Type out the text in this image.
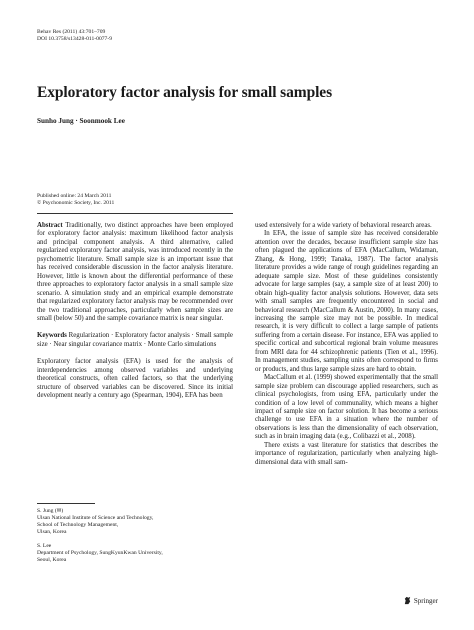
Behav Res (2011) 43:701–709
DOI 10.3758/s13428-011-0077-9
Exploratory factor analysis for small samples
Sunho Jung · Soonmook Lee
Published online: 24 March 2011
© Psychonomic Society, Inc. 2011

Abstract Traditionally, two distinct approaches have been employed for exploratory factor analysis: maximum likelihood factor analysis and principal component analysis. A third alternative, called regularized exploratory factor analysis, was introduced recently in the psychometric literature. Small sample size is an important issue that has received considerable discussion in the factor analysis literature. However, little is known about the differential performance of these three approaches to exploratory factor analysis in a small sample size scenario. A simulation study and an empirical example demonstrate that regularized exploratory factor analysis may be recommended over the two traditional approaches, particularly when sample sizes are small (below 50) and the sample covariance matrix is near singular.

Keywords Regularization · Exploratory factor analysis · Small sample size · Near singular covariance matrix · Monte Carlo simulations

Exploratory factor analysis (EFA) is used for the analysis of interdependencies among observed variables and underlying theoretical constructs, often called factors, so that the underlying structure of observed variables can be discovered. Since its initial development nearly a century ago (Spearman, 1904), EFA has been

S. Jung (✉)

Ulsan National Institute of Science and Technology,

School of Technology Management,

Ulsan, Korea

S. Lee

Department of Psychology, SungKyunKwan University,

Seoul, Korea

used extensively for a wide variety of behavioral research areas.

In EFA, the issue of sample size has received considerable attention over the decades, because insufficient sample size has often plagued the applications of EFA (MacCallum, Widaman, Zhang, & Hong, 1999; Tanaka, 1987). The factor analysis literature provides a wide range of rough guidelines regarding an adequate sample size. Most of these guidelines consistently advocate for large samples (say, a sample size of at least 200) to obtain high-quality factor analysis solutions. However, data sets with small samples are frequently encountered in social and behavioral research (MacCallum & Austin, 2000). In many cases, increasing the sample size may not be possible. In medical research, it is very difficult to collect a large sample of patients suffering from a certain disease. For instance, EFA was applied to specific cortical and subcortical regional brain volume measures from MRI data for 44 schizophrenic patients (Tien et al., 1996). In management studies, sampling units often correspond to firms or products, and thus large sample sizes are hard to obtain.

MacCallum et al. (1999) showed experimentally that the small sample size problem can discourage applied researchers, such as clinical psychologists, from using EFA, particularly under the condition of a low level of communality, which means a higher impact of sample size on factor solution. It has become a serious challenge to use EFA in a situation where the number of observations is less than the dimensionality of each observation, such as in brain imaging data (e.g., Colibazzi et al., 2008).

There exists a vast literature for statistics that describes the importance of regularization, particularly when analyzing high-dimensional data with small sam-

Springer
